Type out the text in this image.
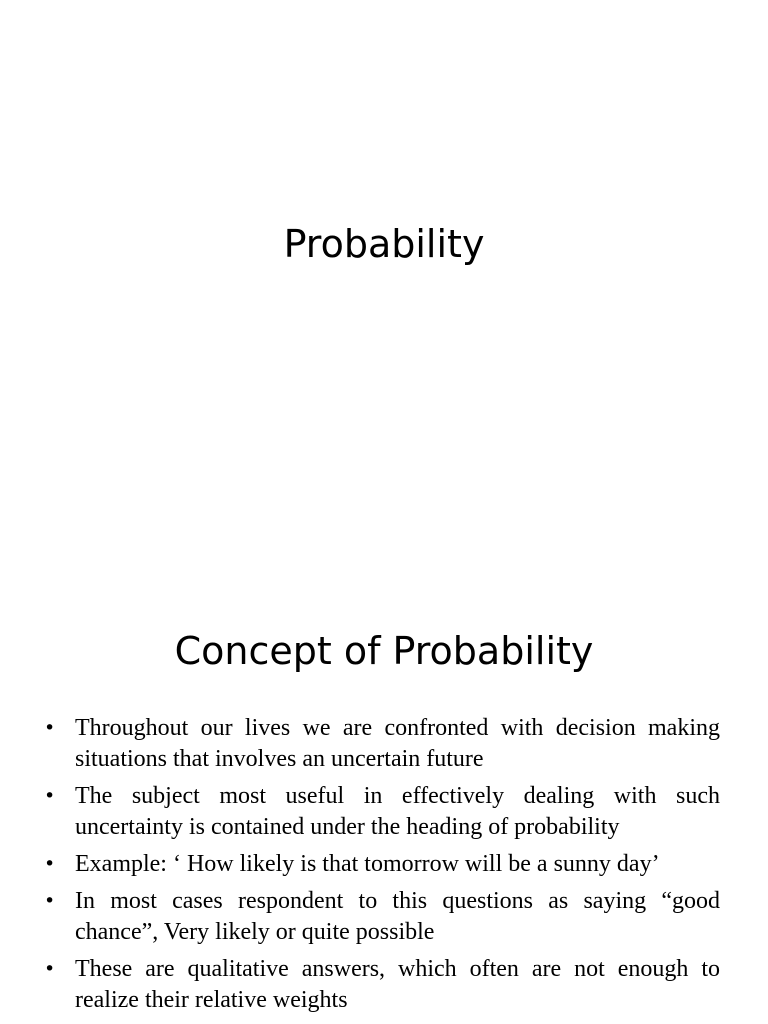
Probability
Concept of Probability
• Throughout our lives we are confronted with decision making situations that involves an uncertain future
• The subject most useful in effectively dealing with such uncertainty is contained under the heading of probability
• Example: ‘ How likely is that tomorrow will be a sunny day’
• In most cases respondent to this questions as saying “good chance”, Very likely or quite possible
• These are qualitative answers, which often are not enough to realize their relative weights
